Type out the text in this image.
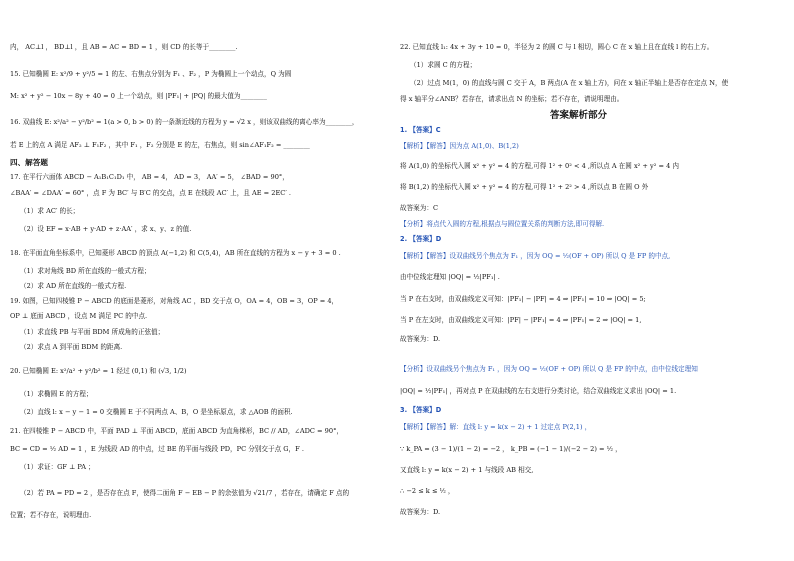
内， AC⊥l ， BD⊥l ，且 AB = AC = BD = 1 ，则 CD 的长等于________.
15. 已知椭圆 E: x²/9 + y²/5 = 1 的左、右焦点分别为 F₁ 、F₂ ，P 为椭圆上一个动点，Q 为圆
M: x² + y² − 10x − 8y + 40 = 0 上一个动点，则 |PF₁| + |PQ| 的最大值为________
16. 双曲线 E: x²/a² − y²/b² = 1(a > 0, b > 0) 的一条渐近线的方程为 y = √2 x ，则该双曲线的离心率为________，
若 E 上的点 A 满足 AF₂ ⊥ F₁F₂ ，其中 F₁ ，F₂ 分别是 E 的左，右焦点，则 sin∠AF₁F₂ = ________
四、解答题
17. 在平行六面体 ABCD − A₁B₁C₁D₁ 中， AB = 4， AD = 3， AA′ = 5， ∠BAD = 90°，
∠BAA′ = ∠DAA′ = 60° ，点 F 为 BC′ 与 B′C 的交点，点 E 在线段 AC′ 上，且 AE = 2EC′ .
（1）求 AC′ 的长；
（2）设 EF = x·AB + y·AD + z·AA′ ，求 x、y、z 的值.
18. 在平面直角坐标系中，已知菱形 ABCD 的顶点 A(−1,2) 和 C(5,4)，AB 所在直线的方程为 x − y + 3 = 0 .
（1）求对角线 BD 所在直线的一般式方程；
（2）求 AD 所在直线的一般式方程.
19. 如图，已知四棱锥 P − ABCD 的底面是菱形，对角线 AC ，BD 交于点 O，OA = 4，OB = 3，OP = 4，
OP ⊥ 底面 ABCD ，设点 M 满足 PC 的中点.
（1）求直线 PB 与平面 BDM 所成角的正弦值；
（2）求点 A 到平面 BDM 的距离.
20. 已知椭圆 E: x²/a² + y²/b² = 1 经过 (0,1) 和 (√3, 1/2)
（1）求椭圆 E 的方程；
（2）直线 l: x − y − 1 = 0 交椭圆 E 于不同两点 A、B，O 是坐标原点，求 △AOB 的面积.
21. 在四棱锥 P − ABCD 中，平面 PAD ⊥ 平面 ABCD，底面 ABCD 为直角梯形，BC // AD，∠ADC = 90°，
BC = CD = ½ AD = 1 ，E 为线段 AD 的中点，过 BE 的平面与线段 PD，PC 分别交于点 G，F .
（1）求证：GF ⊥ PA ；
（2）若 PA = PD = 2 ，是否存在点 F，使得二面角 F − EB − P 的余弦值为 √21/7 ，若存在，请确定 F 点的
位置；若不存在，说明理由.
22. 已知直线 l₁: 4x + 3y + 10 = 0，半径为 2 的圆 C 与 l 相切，圆心 C 在 x 轴上且在直线 l 的右上方。
（1）求圆 C 的方程；
（2）过点 M(1，0) 的直线与圆 C 交于 A，B 两点(A 在 x 轴上方)，问在 x 轴正半轴上是否存在定点 N，使
得 x 轴平分∠ANB？若存在，请求出点 N 的坐标；若不存在，请说明理由。
答案解析部分
1. 【答案】C
【解析】【解答】因为点 A(1,0)、B(1,2)
将 A(1,0) 的坐标代入圆 x² + y² = 4 的方程,可得 1² + 0² < 4 ,所以点 A 在圆 x² + y² = 4 内
将 B(1,2) 的坐标代入圆 x² + y² = 4 的方程,可得 1² + 2² > 4 ,所以点 B 在圆 O 外
故答案为：C
【分析】将点代入圆的方程,根据点与圆位置关系的判断方法,即可得解.
2. 【答案】D
【解析】【解答】设双曲线另个焦点为 F₁ ，因为 OQ = ½(OF + OP) 所以 Q 是 FP 的中点,
由中位线定理知 |OQ| = ½|PF₁| .
当 P 在右支时，由双曲线定义可知：|PF₁| − |PF| = 4 ⇒ |PF₁| = 10 ⇒ |OQ| = 5;
当 P 在左支时，由双曲线定义可知：|PF| − |PF₁| = 4 ⇒ |PF₁| = 2 ⇒ |OQ| = 1,
故答案为：D.
【分析】设双曲线另个焦点为 F₁ ，因为 OQ = ½(OF + OP) 所以 Q 是 FP 的中点，由中位线定理知
|OQ| = ½|PF₁| ，再对点 P 在双曲线的左右支进行分类讨论，结合双曲线定义求出 |OQ| = 1.
3. 【答案】D
【解析】【解答】解：直线 l: y = k(x − 2) + 1 过定点 P(2,1) ，
∵ k_PA = (3 − 1)/(1 − 2) = −2 ， k_PB = (−1 − 1)/(−2 − 2) = ½ ，
又直线 l: y = k(x − 2) + 1 与线段 AB 相交,
∴ −2 ≤ k ≤ ½ ，
故答案为：D.
